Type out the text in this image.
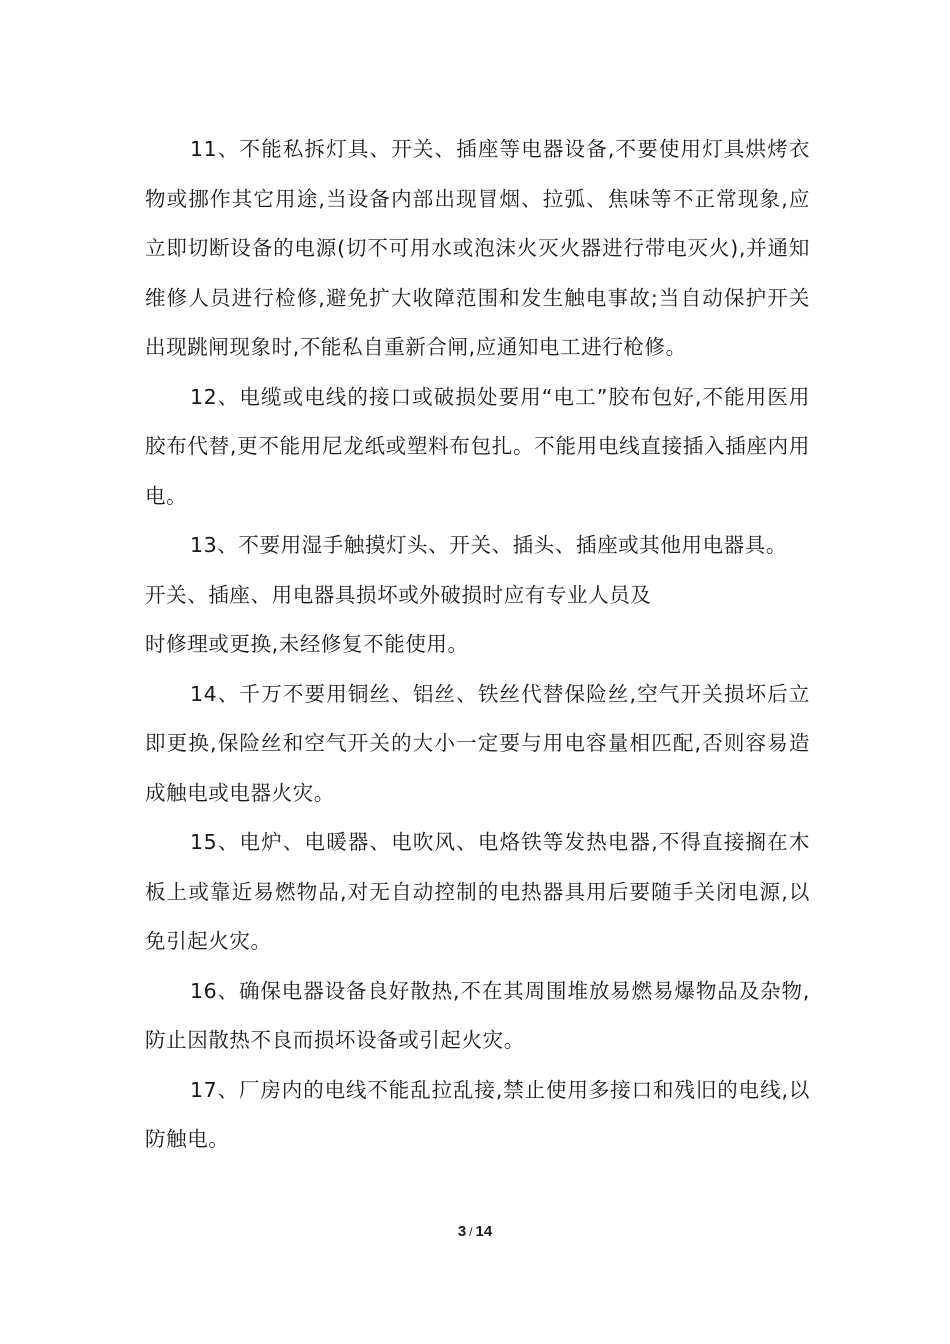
11、不能私拆灯具、开关、插座等电器设备,不要使用灯具烘烤衣物或挪作其它用途,当设备内部出现冒烟、拉弧、焦味等不正常现象,应立即切断设备的电源(切不可用水或泡沫火灭火器进行带电灭火),并通知维修人员进行检修,避免扩大收障范围和发生触电事故;当自动保护开关出现跳闸现象时,不能私自重新合闸,应通知电工进行枪修。

12、电缆或电线的接口或破损处要用“电工”胶布包好,不能用医用胶布代替,更不能用尼龙纸或塑料布包扎。不能用电线直接插入插座内用电。

13、不要用湿手触摸灯头、开关、插头、插座或其他用电器具。

开关、插座、用电器具损坏或外破损时应有专业人员及

时修理或更换,未经修复不能使用。

14、千万不要用铜丝、铝丝、铁丝代替保险丝,空气开关损坏后立即更换,保险丝和空气开关的大小一定要与用电容量相匹配,否则容易造成触电或电器火灾。

15、电炉、电暖器、电吹风、电烙铁等发热电器,不得直接搁在木板上或靠近易燃物品,对无自动控制的电热器具用后要随手关闭电源,以免引起火灾。

16、确保电器设备良好散热,不在其周围堆放易燃易爆物品及杂物,防止因散热不良而损坏设备或引起火灾。

17、厂房内的电线不能乱拉乱接,禁止使用多接口和残旧的电线,以防触电。

3 / 14
